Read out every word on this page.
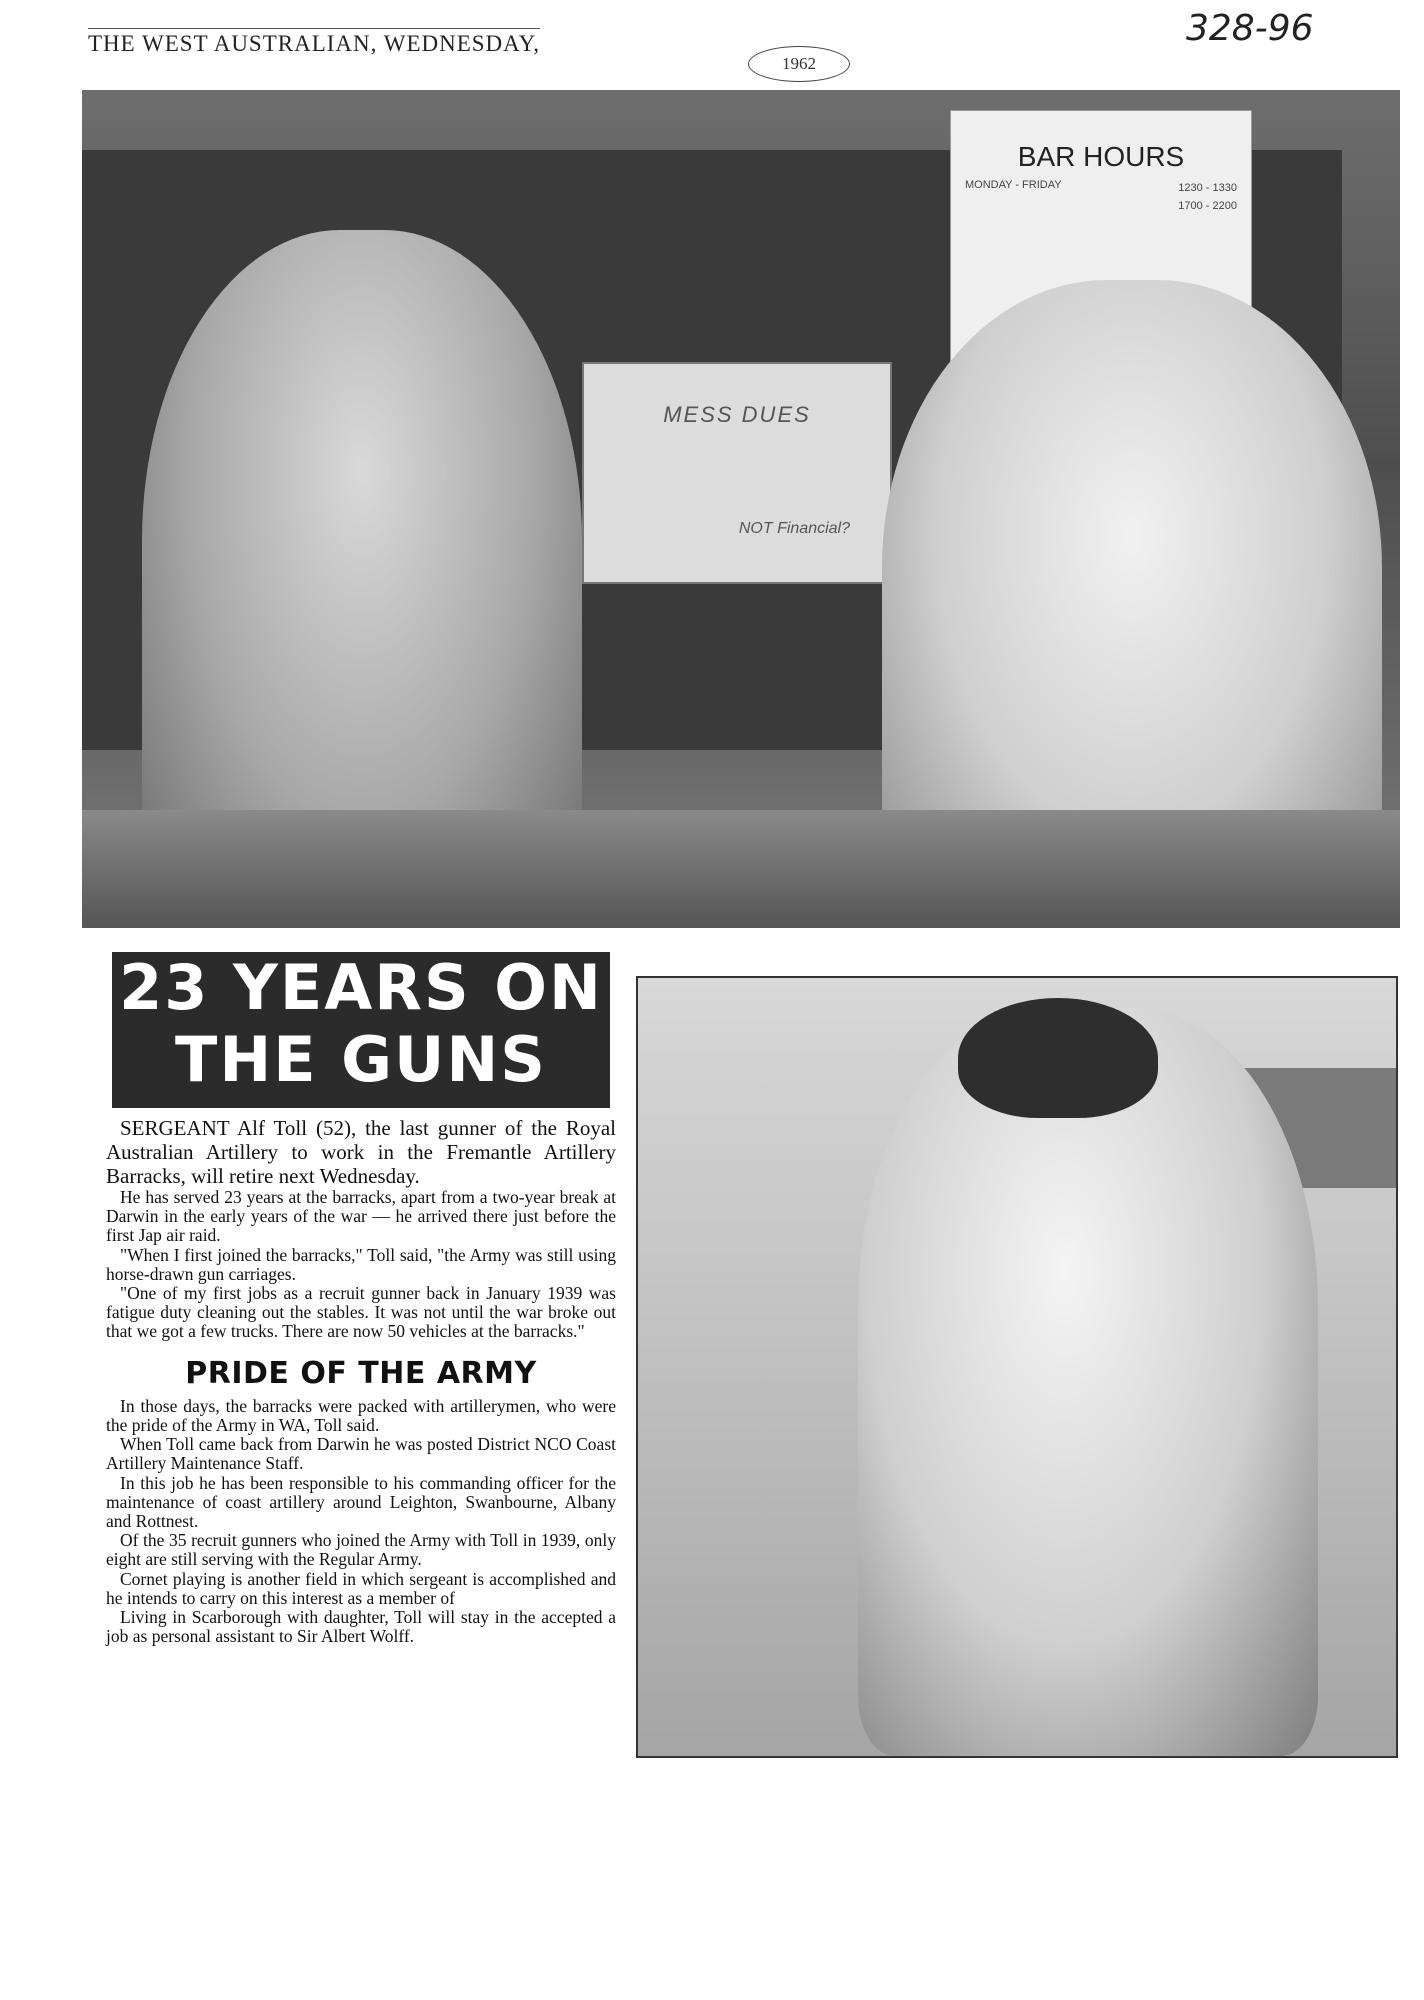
THE WEST AUSTRALIAN, WEDNESDAY,
1962
328-96
BAR HOURS
MONDAY - FRIDAY	1230 - 1330
1700 - 2200
MESS DUES
NOT Financial?
23 YEARS ON
THE GUNS

SERGEANT Alf Toll (52), the last gunner of the Royal Australian Artillery to work in the Fremantle Artillery Barracks, will retire next Wednesday.

He has served 23 years at the barracks, apart from a two-year break at Darwin in the early years of the war — he arrived there just before the first Jap air raid.

"When I first joined the barracks," Toll said, "the Army was still using horse-drawn gun carriages.

"One of my first jobs as a recruit gunner back in January 1939 was fatigue duty cleaning out the stables. It was not until the war broke out that we got a few trucks. There are now 50 vehicles at the barracks."

PRIDE OF THE ARMY

In those days, the barracks were packed with artillerymen, who were the pride of the Army in WA, Toll said.

When Toll came back from Darwin he was posted District NCO Coast Artillery Maintenance Staff.

In this job he has been responsible to his commanding officer for the maintenance of coast artillery around Leighton, Swanbourne, Albany and Rottnest.

Of the 35 recruit gunners who joined the Army with Toll in 1939, only eight are still serving with the Regular Army.

Cornet playing is another field in which sergeant is accomplished and he intends to carry on this interest as a member of

Living in Scarborough with daughter, Toll will stay in the accepted a job as personal assistant to Sir Albert Wolff.
